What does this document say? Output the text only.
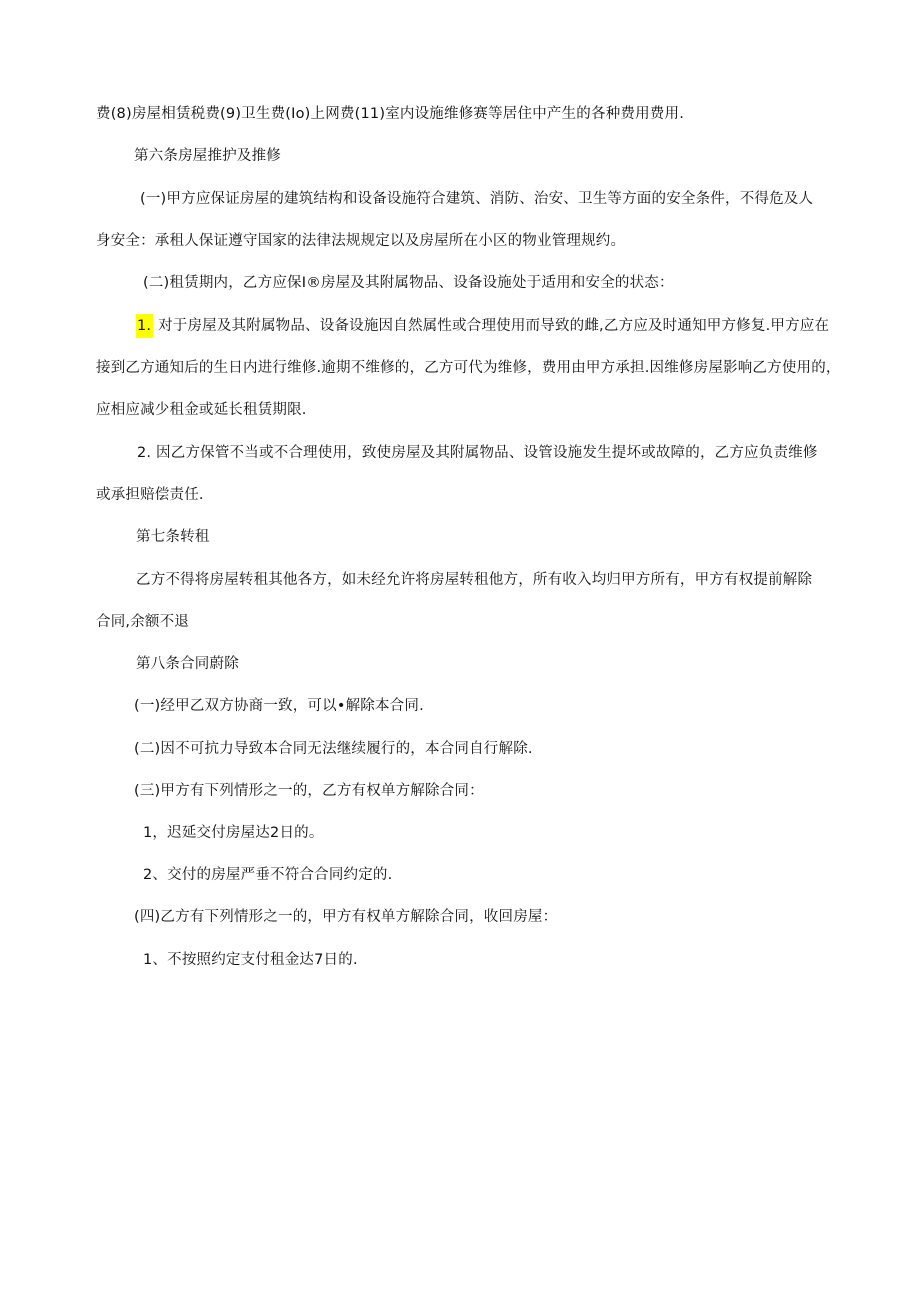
费(8)房屋相赁税费(9)卫生费(Io)上网费(11)室内设施维修赛等居住中产生的各种费用费用.
第六条房屋推护及推修
(一)甲方应保证房屋的建筑结构和设备设施符合建筑、消防、治安、卫生等方面的安全条件，不得危及人
身安全：承租人保证遵守国家的法律法规规定以及房屋所在小区的物业管理规约。
(二)租赁期内，乙方应保I®房屋及其附属物品、设备设施处于适用和安全的状态：
1. 对于房屋及其附属物品、设备设施因自然属性或合理使用而导致的雌,乙方应及时通知甲方修复.甲方应在
接到乙方通知后的生日内进行维修.逾期不维修的，乙方可代为维修，费用由甲方承担.因维修房屋影响乙方使用的，
应相应减少租金或延长租赁期限.
2. 因乙方保管不当或不合理使用，致使房屋及其附属物品、设管设施发生提坏或故障的，乙方应负责维修
或承担赔偿责任.
第七条转租
乙方不得将房屋转租其他各方，如未经允许将房屋转租他方，所有收入均归甲方所有，甲方有权提前解除
合同,余额不退
第八条合同蔚除
(一)经甲乙双方协商一致，可以•解除本合同.
(二)因不可抗力导致本合同无法继续履行的，本合同自行解除.
(三)甲方有下列情形之一的，乙方有权单方解除合同：
1，迟延交付房屋达2日的。
2、交付的房屋严垂不符合合同约定的.
(四)乙方有下列情形之一的，甲方有权单方解除合同，收回房屋：
1、不按照约定支付租金达7日的.
